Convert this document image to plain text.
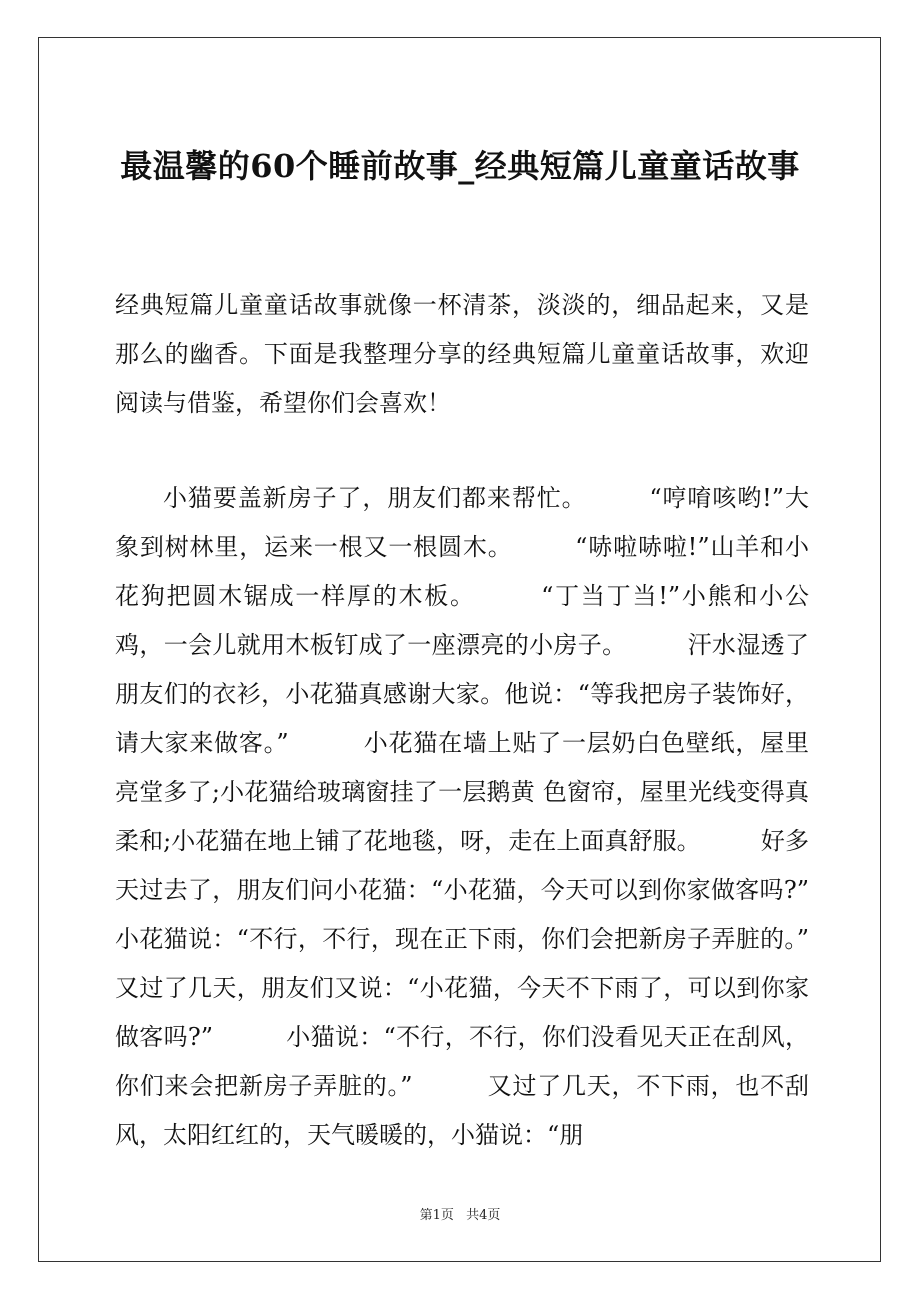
最温馨的60个睡前故事_经典短篇儿童童话故事

经典短篇儿童童话故事就像一杯清茶，淡淡的，细品起来，又是那么的幽香。下面是我整理分享的经典短篇儿童童话故事，欢迎阅读与借鉴，希望你们会喜欢！

小猫要盖新房子了，朋友们都来帮忙。　　　“哼唷咳哟!”大象到树林里，运来一根又一根圆木。　　　“哧啦哧啦!”山羊和小花狗把圆木锯成一样厚的木板。　　　“丁当丁当!”小熊和小公鸡，一会儿就用木板钉成了一座漂亮的小房子。　　　汗水湿透了朋友们的衣衫，小花猫真感谢大家。他说：“等我把房子装饰好，请大家来做客。”　　　小花猫在墙上贴了一层奶白色壁纸，屋里亮堂多了;小花猫给玻璃窗挂了一层鹅黄 色窗帘，屋里光线变得真柔和;小花猫在地上铺了花地毯，呀，走在上面真舒服。　　　好多天过去了，朋友们问小花猫：“小花猫，今天可以到你家做客吗?”　　　小花猫说：“不行，不行，现在正下雨，你们会把新房子弄脏的。”　　　又过了几天，朋友们又说：“小花猫，今天不下雨了，可以到你家做客吗?”　　　小猫说：“不行，不行，你们没看见天正在刮风，你们来会把新房子弄脏的。”　　　又过了几天，不下雨，也不刮风，太阳红红的，天气暖暖的，小猫说：“朋

第1页 共4页
